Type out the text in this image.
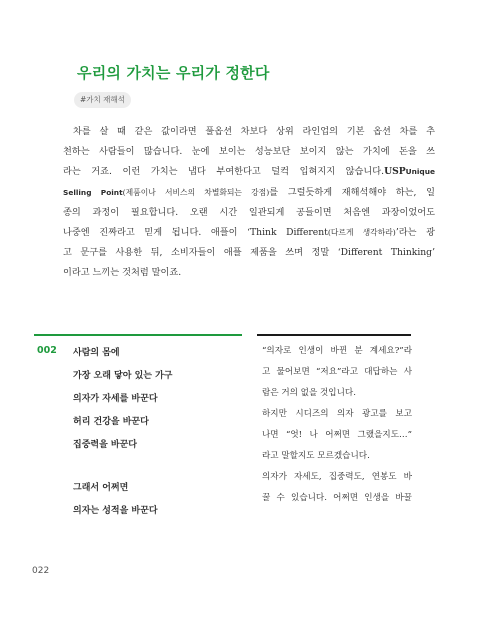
우리의 가치는 우리가 정한다
#가치 재해석
차를 살 때 같은 값이라면 풀옵션 차보다 상위 라인업의 기본 옵션 차를 추
천하는 사람들이 많습니다. 눈에 보이는 성능보단 보이지 않는 가치에 돈을 쓰
라는 거죠. 이런 가치는 냅다 부여한다고 덜컥 입혀지지 않습니다.USPUnique
Selling Point(제품이나 서비스의 차별화되는 강점)를 그럴듯하게 재해석해야 하는, 일
종의 과정이 필요합니다. 오랜 시간 일관되게 공들이면 처음엔 과장이었어도
나중엔 진짜라고 믿게 됩니다. 애플이 ‘Think Different(다르게 생각하라)’라는 광
고 문구를 사용한 뒤, 소비자들이 애플 제품을 쓰며 정말 ‘Different Thinking’
이라고 느끼는 것처럼 말이죠.
002 사람의 몸에
가장 오래 닿아 있는 가구
의자가 자세를 바꾼다
허리 건강을 바꾼다
집중력을 바꾼다
그래서 어쩌면
의자는 성적을 바꾼다
“의자로 인생이 바뀐 분 계세요?”라
고 물어보면 “저요”라고 대답하는 사
람은 거의 없을 것입니다.
하지만 시디즈의 의자 광고를 보고
나면 “엇! 나 어쩌면 그랬을지도…”
라고 말할지도 모르겠습니다.
의자가 자세도, 집중력도, 연봉도 바
꿀 수 있습니다. 어쩌면 인생을 바꿀
022
